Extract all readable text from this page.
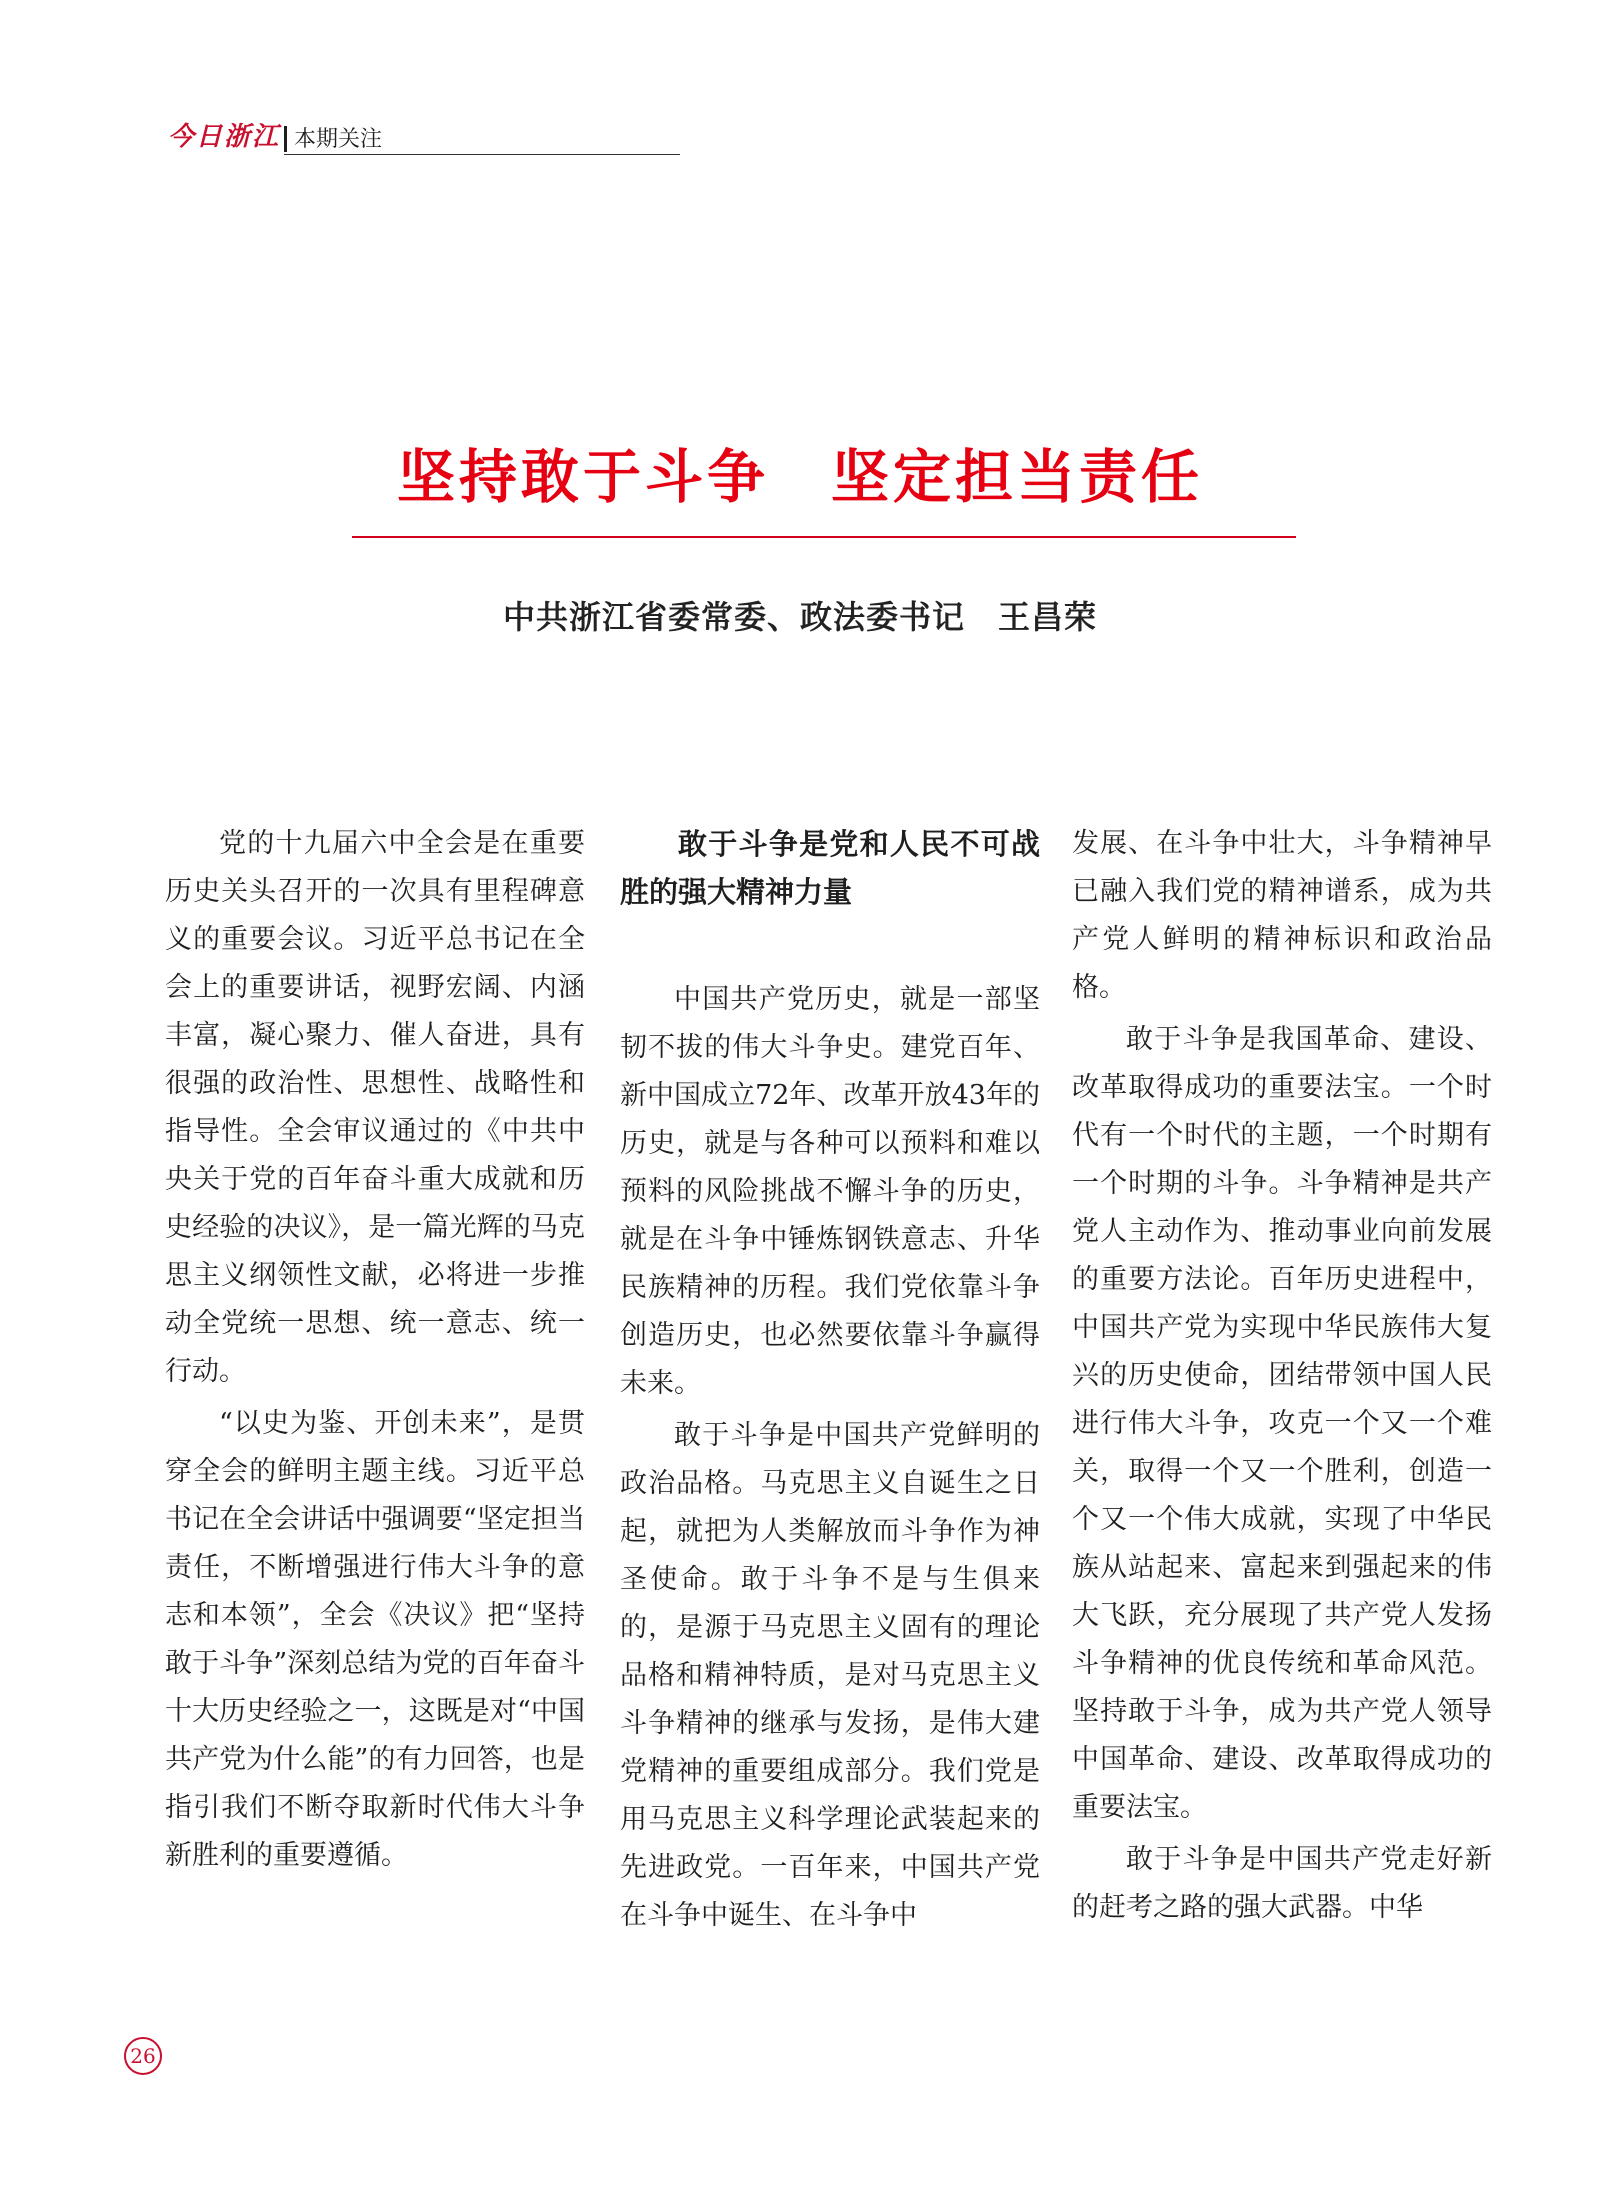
今日浙江 本期关注
坚持敢于斗争　坚定担当责任
中共浙江省委常委、政法委书记　王昌荣

党的十九届六中全会是在重要历史关头召开的一次具有里程碑意义的重要会议。习近平总书记在全会上的重要讲话，视野宏阔、内涵丰富，凝心聚力、催人奋进，具有很强的政治性、思想性、战略性和指导性。全会审议通过的《中共中央关于党的百年奋斗重大成就和历史经验的决议》，是一篇光辉的马克思主义纲领性文献，必将进一步推动全党统一思想、统一意志、统一行动。

“以史为鉴、开创未来”，是贯穿全会的鲜明主题主线。习近平总书记在全会讲话中强调要“坚定担当责任，不断增强进行伟大斗争的意志和本领”，全会《决议》把“坚持敢于斗争”深刻总结为党的百年奋斗十大历史经验之一，这既是对“中国共产党为什么能”的有力回答，也是指引我们不断夺取新时代伟大斗争新胜利的重要遵循。

敢于斗争是党和人民不可战胜的强大精神力量

中国共产党历史，就是一部坚韧不拔的伟大斗争史。建党百年、新中国成立72年、改革开放43年的历史，就是与各种可以预料和难以预料的风险挑战不懈斗争的历史，就是在斗争中锤炼钢铁意志、升华民族精神的历程。我们党依靠斗争创造历史，也必然要依靠斗争赢得未来。

敢于斗争是中国共产党鲜明的政治品格。马克思主义自诞生之日起，就把为人类解放而斗争作为神圣使命。敢于斗争不是与生俱来的，是源于马克思主义固有的理论品格和精神特质，是对马克思主义斗争精神的继承与发扬，是伟大建党精神的重要组成部分。我们党是用马克思主义科学理论武装起来的先进政党。一百年来，中国共产党在斗争中诞生、在斗争中

发展、在斗争中壮大，斗争精神早已融入我们党的精神谱系，成为共产党人鲜明的精神标识和政治品格。

敢于斗争是我国革命、建设、改革取得成功的重要法宝。一个时代有一个时代的主题，一个时期有一个时期的斗争。斗争精神是共产党人主动作为、推动事业向前发展的重要方法论。百年历史进程中，中国共产党为实现中华民族伟大复兴的历史使命，团结带领中国人民进行伟大斗争，攻克一个又一个难关，取得一个又一个胜利，创造一个又一个伟大成就，实现了中华民族从站起来、富起来到强起来的伟大飞跃，充分展现了共产党人发扬斗争精神的优良传统和革命风范。坚持敢于斗争，成为共产党人领导中国革命、建设、改革取得成功的重要法宝。

敢于斗争是中国共产党走好新的赶考之路的强大武器。中华

26
